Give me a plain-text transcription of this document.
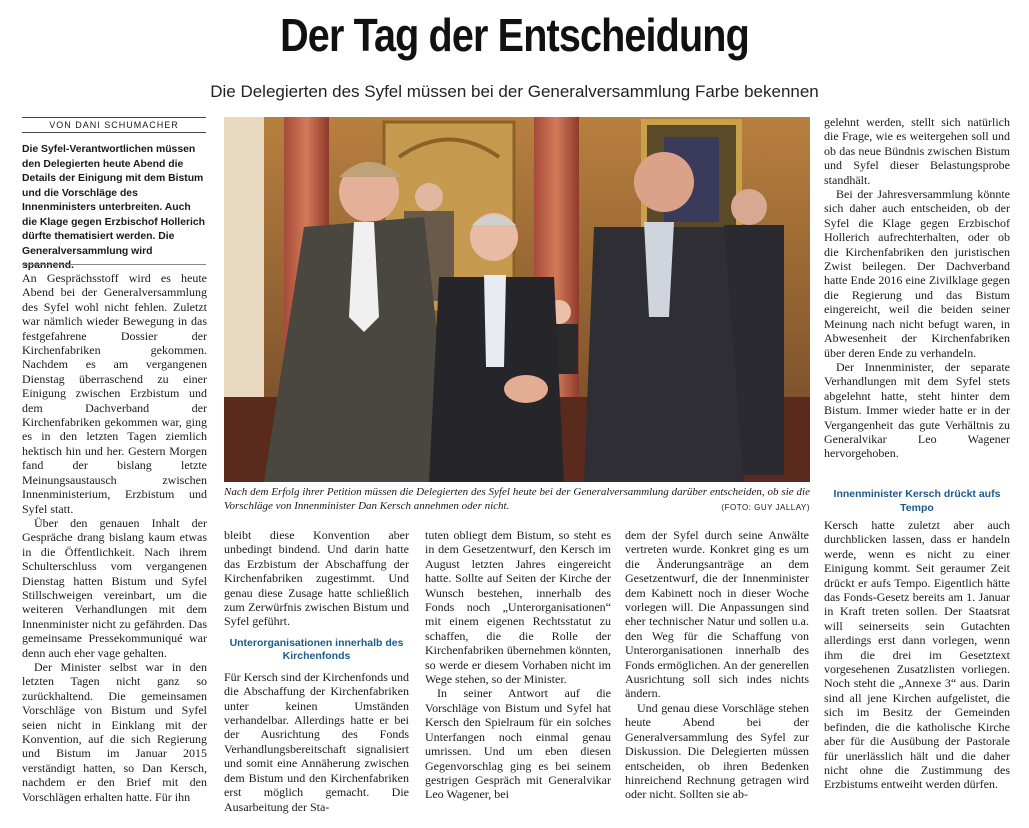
Der Tag der Entscheidung
Die Delegierten des Syfel müssen bei der Generalversammlung Farbe bekennen
VON DANI SCHUMACHER
Die Syfel-Verantwortlichen müssen den Delegierten heute Abend die Details der Einigung mit dem Bistum und die Vorschläge des Innenministers unterbreiten. Auch die Klage gegen Erzbischof Hollerich dürfte thematisiert werden. Die Generalversammlung wird spannend.

An Gesprächsstoff wird es heute Abend bei der Generalversammlung des Syfel wohl nicht fehlen. Zuletzt war nämlich wieder Bewegung in das festgefahrene Dossier der Kirchenfabriken gekommen. Nachdem es am vergangenen Dienstag überraschend zu einer Einigung zwischen Erzbistum und dem Dachverband der Kirchenfabriken gekommen war, ging es in den letzten Tagen ziemlich hektisch hin und her. Gestern Morgen fand der bislang letzte Meinungsaustausch zwischen Innenministerium, Erzbistum und Syfel statt.

Über den genauen Inhalt der Gespräche drang bislang kaum etwas in die Öffentlichkeit. Nach ihrem Schulterschluss vom vergangenen Dienstag hatten Bistum und Syfel Stillschweigen vereinbart, um die weiteren Verhandlungen mit dem Innenminister nicht zu gefährden. Das gemeinsame Pressekommuniqué war denn auch eher vage gehalten.

Der Minister selbst war in den letzten Tagen nicht ganz so zurückhaltend. Die gemeinsamen Vorschläge von Bistum und Syfel seien nicht in Einklang mit der Konvention, auf die sich Regierung und Bistum im Januar 2015 verständigt hatten, so Dan Kersch, nachdem er den Brief mit den Vorschlägen erhalten hatte. Für ihn

Nach dem Erfolg ihrer Petition müssen die Delegierten des Syfel heute bei der Generalversammlung darüber entscheiden, ob sie die Vorschläge von Innenminister Dan Kersch annehmen oder nicht.	(FOTO: GUY JALLAY)

bleibt diese Konvention aber unbedingt bindend. Und darin hatte das Erzbistum der Abschaffung der Kirchenfabriken zugestimmt. Und genau diese Zusage hatte schließlich zum Zerwürfnis zwischen Bistum und Syfel geführt.

Unterorganisationen innerhalb des Kirchenfonds

Für Kersch sind der Kirchenfonds und die Abschaffung der Kirchenfabriken unter keinen Umständen verhandelbar. Allerdings hatte er bei der Ausrichtung des Fonds Verhandlungsbereitschaft signalisiert und somit eine Annäherung zwischen dem Bistum und den Kirchenfabriken erst möglich gemacht. Die Ausarbeitung der Sta-

tuten obliegt dem Bistum, so steht es in dem Gesetzentwurf, den Kersch im August letzten Jahres eingereicht hatte. Sollte auf Seiten der Kirche der Wunsch bestehen, innerhalb des Fonds noch „Unterorganisationen“ mit einem eigenen Rechtsstatut zu schaffen, die die Rolle der Kirchenfabriken übernehmen könnten, so werde er diesem Vorhaben nicht im Wege stehen, so der Minister.

In seiner Antwort auf die Vorschläge von Bistum und Syfel hat Kersch den Spielraum für ein solches Unterfangen noch einmal genau umrissen. Und um eben diesen Gegenvorschlag ging es bei seinem gestrigen Gespräch mit Generalvikar Leo Wagener, bei

dem der Syfel durch seine Anwälte vertreten wurde. Konkret ging es um die Änderungsanträge an dem Gesetzentwurf, die der Innenminister dem Kabinett noch in dieser Woche vorlegen will. Die Anpassungen sind eher technischer Natur und sollen u.a. den Weg für die Schaffung von Unterorganisationen innerhalb des Fonds ermöglichen. An der generellen Ausrichtung soll sich indes nichts ändern.

Und genau diese Vorschläge stehen heute Abend bei der Generalversammlung des Syfel zur Diskussion. Die Delegierten müssen entscheiden, ob ihren Bedenken hinreichend Rechnung getragen wird oder nicht. Sollten sie ab-

gelehnt werden, stellt sich natürlich die Frage, wie es weitergehen soll und ob das neue Bündnis zwischen Bistum und Syfel dieser Belastungsprobe standhält.

Bei der Jahresversammlung könnte sich daher auch entscheiden, ob der Syfel die Klage gegen Erzbischof Hollerich aufrechterhalten, oder ob die Kirchenfabriken den juristischen Zwist beilegen. Der Dachverband hatte Ende 2016 eine Zivilklage gegen die Regierung und das Bistum eingereicht, weil die beiden seiner Meinung nach nicht befugt waren, in Abwesenheit der Kirchenfabriken über deren Ende zu verhandeln.

Der Innenminister, der separate Verhandlungen mit dem Syfel stets abgelehnt hatte, steht hinter dem Bistum. Immer wieder hatte er in der Vergangenheit das gute Verhältnis zu Generalvikar Leo Wagener hervorgehoben.

Innenminister Kersch drückt aufs Tempo

Kersch hatte zuletzt aber auch durchblicken lassen, dass er handeln werde, wenn es nicht zu einer Einigung kommt. Seit geraumer Zeit drückt er aufs Tempo. Eigentlich hätte das Fonds-Gesetz bereits am 1. Januar in Kraft treten sollen. Der Staatsrat will seinerseits sein Gutachten allerdings erst dann vorlegen, wenn ihm die drei im Gesetztext vorgesehenen Zusatzlisten vorliegen. Noch steht die „Annexe 3“ aus. Darin sind all jene Kirchen aufgelistet, die sich im Besitz der Gemeinden befinden, die die katholische Kirche aber für die Ausübung der Pastorale für unerlässlich hält und die daher nicht ohne die Zustimmung des Erzbistums entweiht werden dürfen.
